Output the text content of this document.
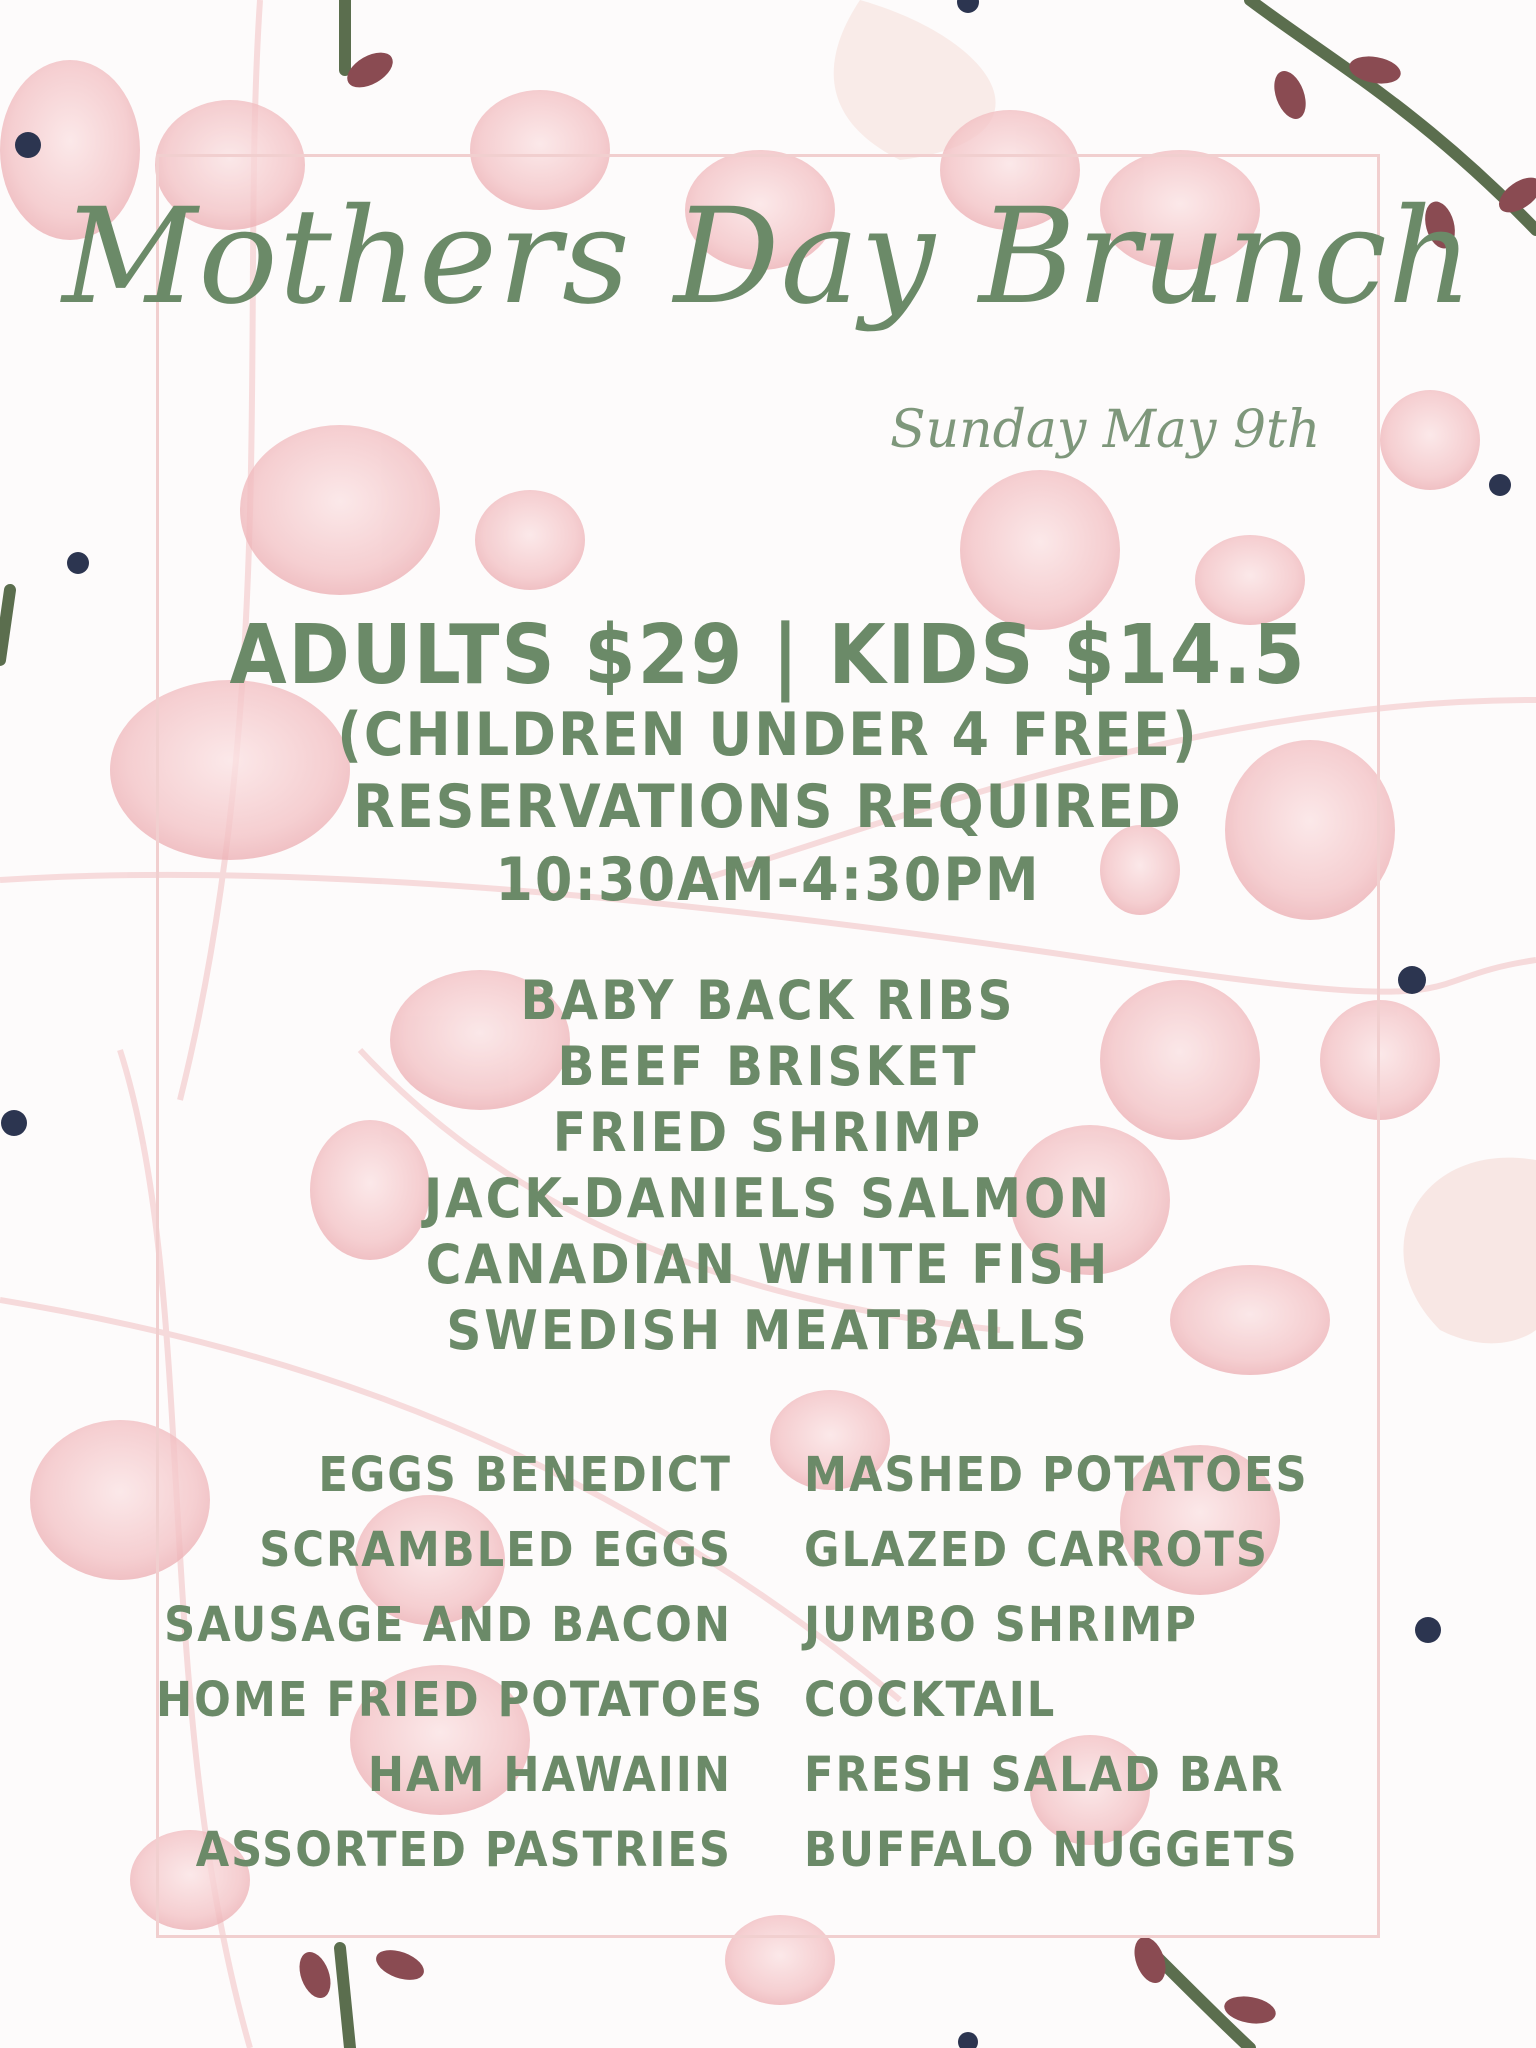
Mothers Day Brunch
Sunday May 9th
ADULTS $29 | KIDS $14.5
(CHILDREN UNDER 4 FREE)
RESERVATIONS REQUIRED
10:30AM-4:30PM
BABY BACK RIBS
BEEF BRISKET
FRIED SHRIMP
JACK-DANIELS SALMON
CANADIAN WHITE FISH
SWEDISH MEATBALLS
EGGS BENEDICT
SCRAMBLED EGGS
SAUSAGE AND BACON
HOME FRIED POTATOES
HAM HAWAIIN
ASSORTED PASTRIES
MASHED POTATOES
GLAZED CARROTS
JUMBO SHRIMP
COCKTAIL
FRESH SALAD BAR
BUFFALO NUGGETS
